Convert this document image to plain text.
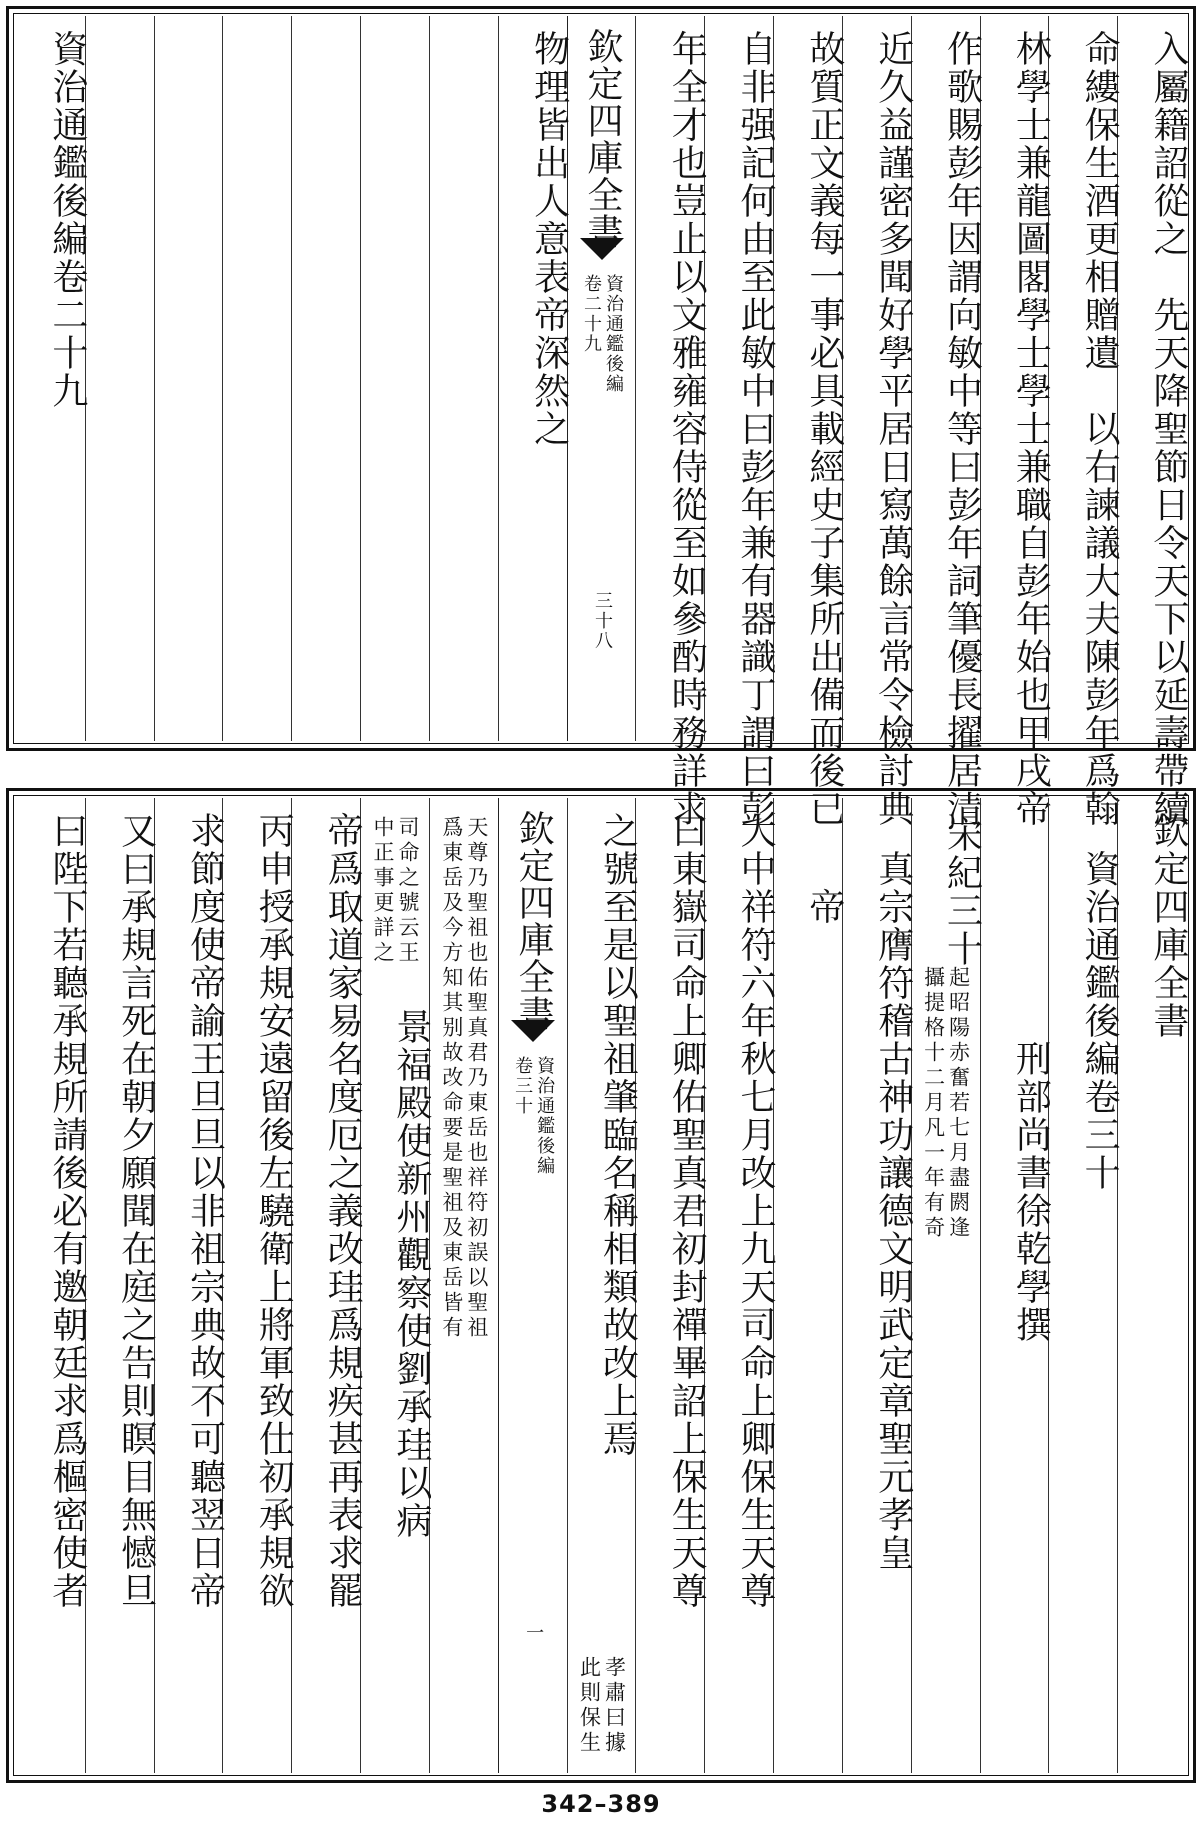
入屬籍詔從之　先天降聖節日令天下以延壽帶續
命縷保生酒更相贈遺　以右諫議大夫陳彭年爲翰
林學士兼龍圖閣學士學士兼職自彭年始也甲戌帝
作歌賜彭年因謂向敏中等曰彭年詞筆優長擢居清
近久益謹密多聞好學平居日寫萬餘言常令檢討典
故質正文義每一事必具載經史子集所出備而後已
自非强記何由至此敏中曰彭年兼有器識丁謂曰彭
年全才也豈止以文雅雍容侍從至如參酌時務詳求
欽定四庫全書
資治通鑑後編
卷二十九
三十八
物理皆出人意表帝深然之
資治通鑑後編卷二十九
欽定四庫全書
　資治通鑑後編卷三十
　　　　　　刑部尚書徐乾學撰
宋紀三十
起昭陽赤奮若七月盡閼逢
攝提格十二月凡一年有奇
　真宗膺符稽古神功讓德文明武定章聖元孝皇
　　帝
大中祥符六年秋七月改上九天司命上卿保生天尊
曰東嶽司命上卿佑聖真君初封禪畢詔上保生天尊
之號至是以聖祖肇臨名稱相類故改上焉
孝肅曰據
此則保生
欽定四庫全書
資治通鑑後編
卷三十
一
天尊乃聖祖也佑聖真君乃東岳也祥符初誤以聖祖
爲東岳及今方知其别故改命要是聖祖及東岳皆有
司命之號云王
中正事更詳之
景福殿使新州觀察使劉承珪以病
帝爲取道家易名度厄之義改珪爲規疾甚再表求罷
丙申授承規安遠留後左驍衛上將軍致仕初承規欲
求節度使帝諭王旦旦以非祖宗典故不可聽翌日帝
又曰承規言死在朝夕願聞在庭之告則瞑目無憾旦
曰陛下若聽承規所請後必有邀朝廷求爲樞密使者
342–389
